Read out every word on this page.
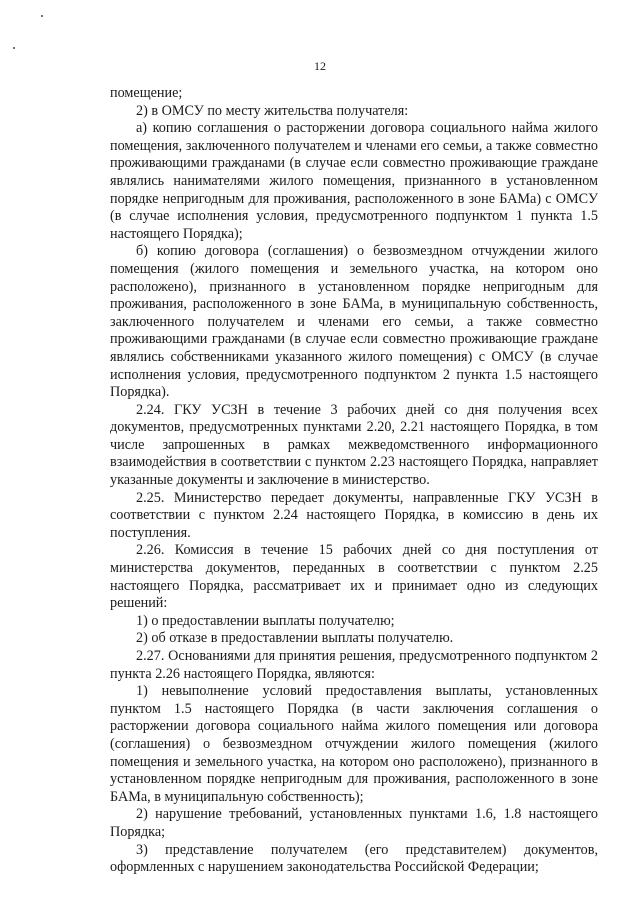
12

помещение;

2) в ОМСУ по месту жительства получателя:

а) копию соглашения о расторжении договора социального найма жилого помещения, заключенного получателем и членами его семьи, а также совместно проживающими гражданами (в случае если совместно проживающие граждане являлись нанимателями жилого помещения, признанного в установленном порядке непригодным для проживания, расположенного в зоне БАМа) с ОМСУ (в случае исполнения условия, предусмотренного подпунктом 1 пункта 1.5 настоящего Порядка);

б) копию договора (соглашения) о безвозмездном отчуждении жилого помещения (жилого помещения и земельного участка, на котором оно расположено), признанного в установленном порядке непригодным для проживания, расположенного в зоне БАМа, в муниципальную собственность, заключенного получателем и членами его семьи, а также совместно проживающими гражданами (в случае если совместно проживающие граждане являлись собственниками указанного жилого помещения) с ОМСУ (в случае исполнения условия, предусмотренного подпунктом 2 пункта 1.5 настоящего Порядка).

2.24. ГКУ УСЗН в течение 3 рабочих дней со дня получения всех документов, предусмотренных пунктами 2.20, 2.21 настоящего Порядка, в том числе запрошенных в рамках межведомственного информационного взаимодействия в соответствии с пунктом 2.23 настоящего Порядка, направляет указанные документы и заключение в министерство.

2.25. Министерство передает документы, направленные ГКУ УСЗН в соответствии с пунктом 2.24 настоящего Порядка, в комиссию в день их поступления.

2.26. Комиссия в течение 15 рабочих дней со дня поступления от министерства документов, переданных в соответствии с пунктом 2.25 настоящего Порядка, рассматривает их и принимает одно из следующих решений:

1) о предоставлении выплаты получателю;

2) об отказе в предоставлении выплаты получателю.

2.27. Основаниями для принятия решения, предусмотренного подпунктом 2 пункта 2.26 настоящего Порядка, являются:

1) невыполнение условий предоставления выплаты, установленных пунктом 1.5 настоящего Порядка (в части заключения соглашения о расторжении договора социального найма жилого помещения или договора (соглашения) о безвозмездном отчуждении жилого помещения (жилого помещения и земельного участка, на котором оно расположено), признанного в установленном порядке непригодным для проживания, расположенного в зоне БАМа, в муниципальную собственность);

2) нарушение требований, установленных пунктами 1.6, 1.8 настоящего Порядка;

3) представление получателем (его представителем) документов, оформленных с нарушением законодательства Российской Федерации;
